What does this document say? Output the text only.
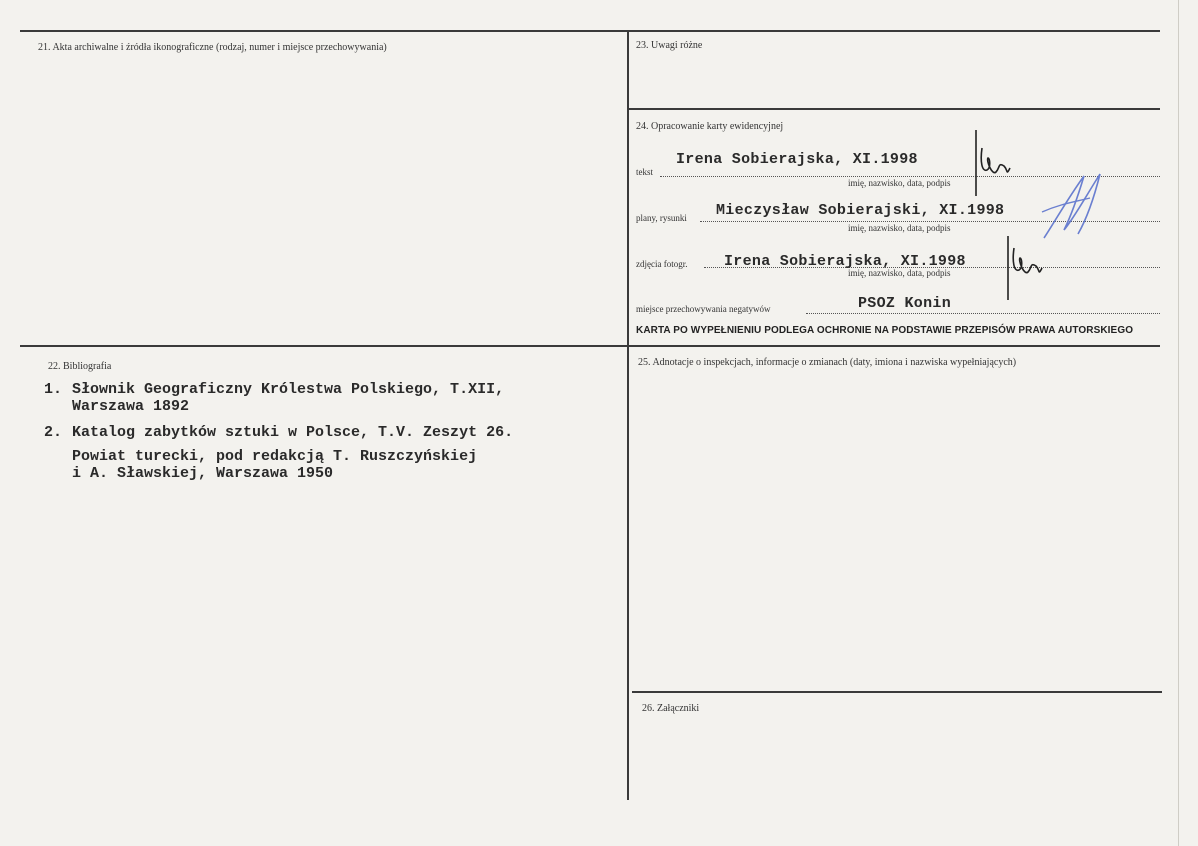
21. Akta archiwalne i źródła ikonograficzne (rodzaj, numer i miejsce przechowywania)	23. Uwagi różne
24. Opracowanie karty ewidencyjnej
tekst
Irena Sobierajska, XI.1998
imię, nazwisko, data, podpis
plany, rysunki Mieczysław Sobierajski, XI.1998
imię, nazwisko, data, podpis
zdjęcia fotogr. Irena Sobierajska, XI.1998
imię, nazwisko, data, podpis
miejsce przechowywania negatywów	PSOZ Konin
KARTA PO WYPEŁNIENIU PODLEGA OCHRONIE NA PODSTAWIE PRZEPISÓW PRAWA AUTORSKIEGO
22. Bibliografia
1. Słownik Geograficzny Królestwa Polskiego, T.XII,
Warszawa 1892
2. Katalog zabytków sztuki w Polsce, T.V. Zeszyt 26.
Powiat turecki, pod redakcją T. Ruszczyńskiej
i A. Sławskiej, Warszawa 1950
25. Adnotacje o inspekcjach, informacje o zmianach (daty, imiona i nazwiska wypełniających)
26. Załączniki
